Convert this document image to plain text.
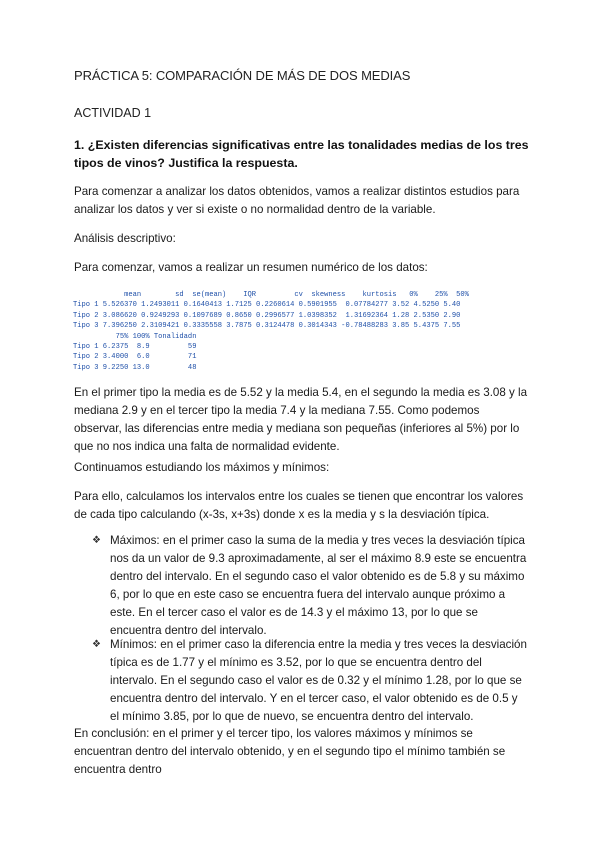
PRÁCTICA 5: COMPARACIÓN DE MÁS DE DOS MEDIAS
ACTIVIDAD 1
1. ¿Existen diferencias significativas entre las tonalidades medias de los tres tipos de vinos? Justifica la respuesta.
Para comenzar a analizar los datos obtenidos, vamos a realizar distintos estudios para analizar los datos y ver si existe o no normalidad dentro de la variable.
Análisis descriptivo:
Para comenzar, vamos a realizar un resumen numérico de los datos:
mean        sd  se(mean)    IQR         cv  skewness    kurtosis   0%    25%  50%
Tipo 1 5.526370 1.2493011 0.1640413 1.7125 0.2260614 0.5901955  0.07784277 3.52 4.5250 5.40
Tipo 2 3.086620 0.9249293 0.1097689 0.8650 0.2996577 1.0398352  1.31692364 1.28 2.5350 2.90
Tipo 3 7.396250 2.3109421 0.3335558 3.7875 0.3124478 0.3014343 -0.78488283 3.85 5.4375 7.55
75% 100% Tonalidadn
Tipo 1 6.2375  8.9         59
Tipo 2 3.4000  6.0         71
Tipo 3 9.2250 13.0         48
En el primer tipo la media es de 5.52 y la media 5.4, en el segundo la media es 3.08 y la mediana 2.9 y en el tercer tipo la media 7.4 y la mediana 7.55. Como podemos observar, las diferencias entre media y mediana son pequeñas (inferiores al 5%) por lo que no nos indica una falta de normalidad evidente.
Continuamos estudiando los máximos y mínimos:
Para ello, calculamos los intervalos entre los cuales se tienen que encontrar los valores de cada tipo calculando (x-3s, x+3s) donde x es la media y s la desviación típica.
❖ Máximos: en el primer caso la suma de la media y tres veces la desviación típica nos da un valor de 9.3 aproximadamente, al ser el máximo 8.9 este se encuentra dentro del intervalo. En el segundo caso el valor obtenido es de 5.8 y su máximo 6, por lo que en este caso se encuentra fuera del intervalo aunque próximo a este. En el tercer caso el valor es de 14.3 y el máximo 13, por lo que se encuentra dentro del intervalo.
❖ Mínimos: en el primer caso la diferencia entre la media y tres veces la desviación típica es de 1.77 y el mínimo es 3.52, por lo que se encuentra dentro del intervalo. En el segundo caso el valor es de 0.32 y el mínimo 1.28, por lo que se encuentra dentro del intervalo. Y en el tercer caso, el valor obtenido es de 0.5 y el mínimo 3.85, por lo que de nuevo, se encuentra dentro del intervalo.
En conclusión: en el primer y el tercer tipo, los valores máximos y mínimos se encuentran dentro del intervalo obtenido, y en el segundo tipo el mínimo también se encuentra dentro
